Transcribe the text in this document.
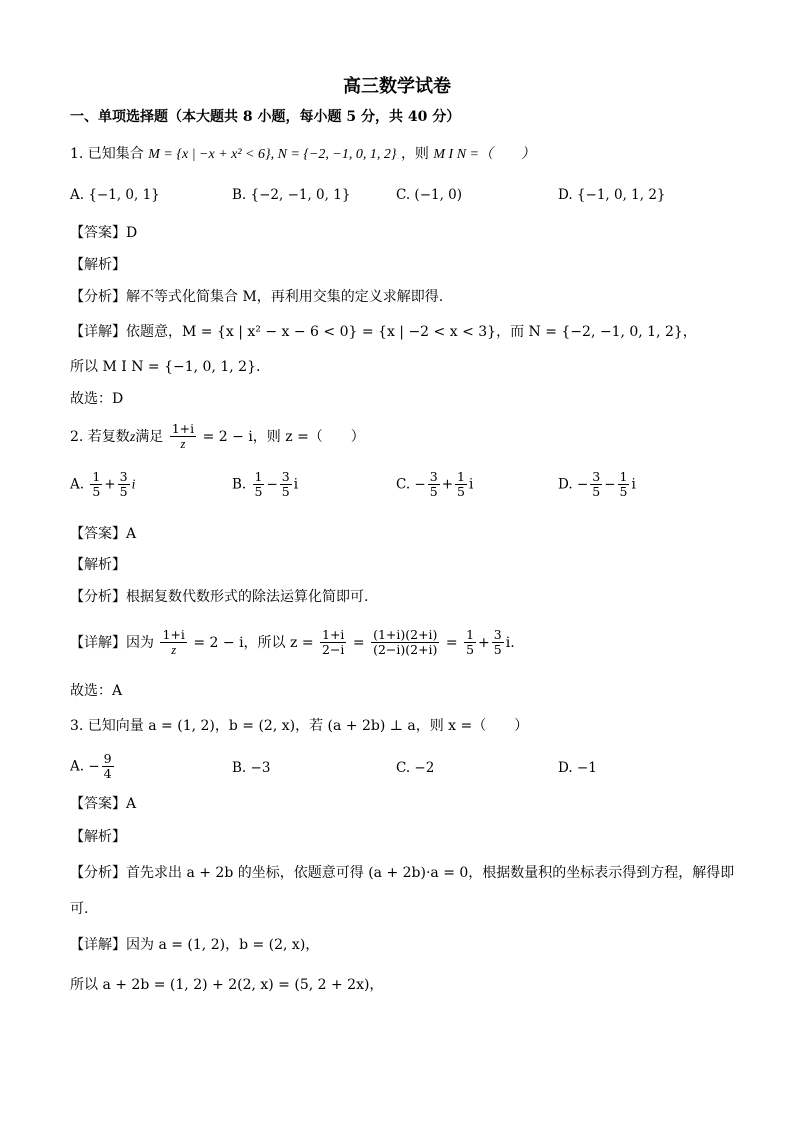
高三数学试卷
一、单项选择题（本大题共 8 小题，每小题 5 分，共 40 分）
1. 已知集合 M = {x | −x + x² < 6}, N = {−2, −1, 0, 1, 2} ，则 M I N =（　　）
A. {−1, 0, 1}	B. {−2, −1, 0, 1}	C. (−1, 0)	D. {−1, 0, 1, 2}
【答案】D
【解析】
【分析】解不等式化简集合 M，再利用交集的定义求解即得.
【详解】依题意，M = {x | x² − x − 6 < 0} = {x | −2 < x < 3}，而 N = {−2, −1, 0, 1, 2}，
所以 M I N = {−1, 0, 1, 2}.
故选：D
2. 若复数z满足 $\frac{1+i}{z} = 2 - i$，则 z =（　　）
A. $\frac{1}{5} + \frac{3}{5}$ i	B. $\frac{1}{5} - \frac{3}{5}$ i	C. − $\frac{3}{5} + \frac{1}{5}$ i	D. − $\frac{3}{5} - \frac{1}{5}$ i
【答案】A
【解析】
【分析】根据复数代数形式的除法运算化简即可.
【详解】因为 $\frac{1+i}{z} = 2 - i$，所以 $z = \frac{1+i}{2-i} = \frac{(1+i)(2+i)}{(2-i)(2+i)} = \frac{1}{5} + \frac{3}{5} i$.
故选：A
3. 已知向量 a = (1, 2)，b = (2, x)，若 (a + 2b) ⊥ a，则 x =（　　）
A. − $\frac{9}{4}$	B. −3	C. −2	D. −1
【答案】A
【解析】
【分析】首先求出 a + 2b 的坐标，依题意可得 (a + 2b)·a = 0，根据数量积的坐标表示得到方程，解得即
可.
【详解】因为 a = (1, 2)，b = (2, x)，
所以 a + 2b = (1, 2) + 2(2, x) = (5, 2 + 2x)，
